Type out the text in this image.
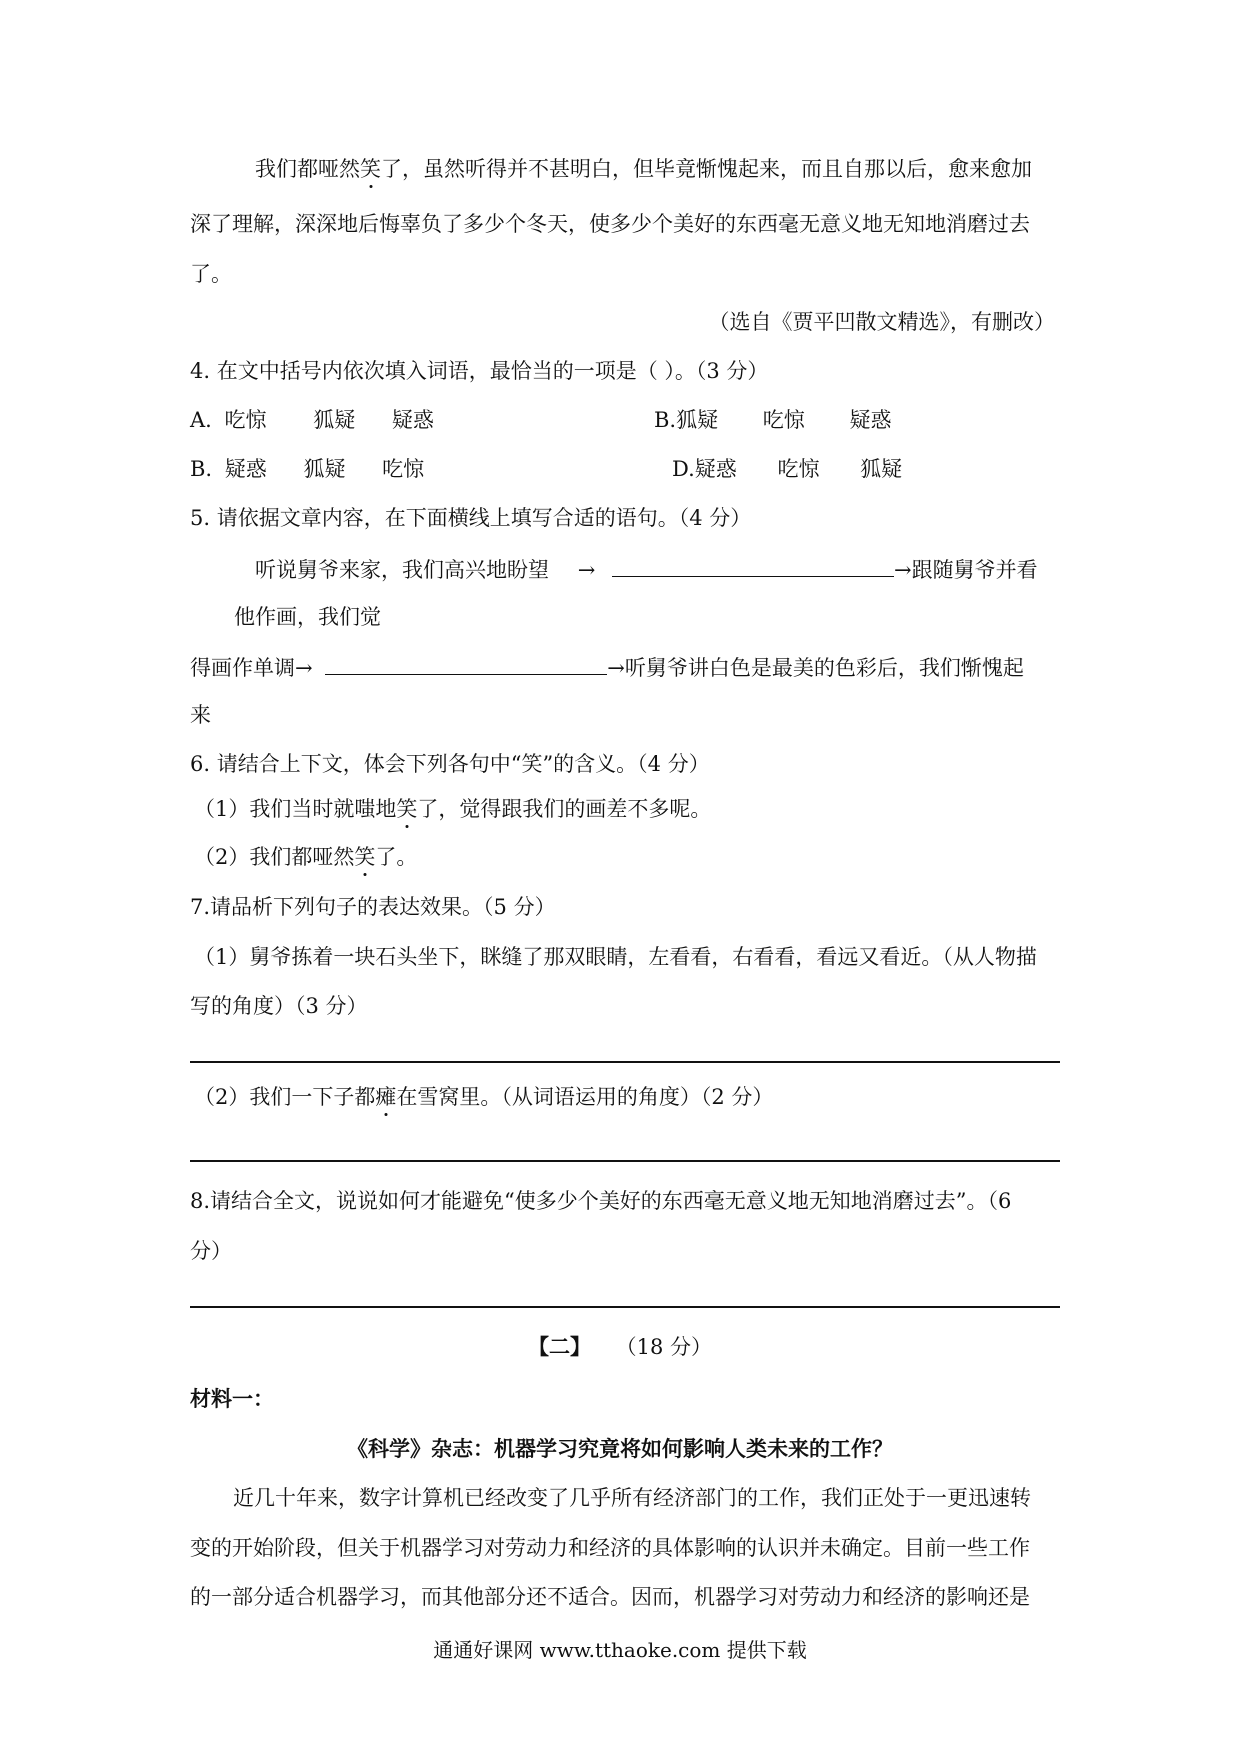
我们都哑然笑了，虽然听得并不甚明白，但毕竟惭愧起来，而且自那以后，愈来愈加
深了理解，深深地后悔辜负了多少个冬天，使多少个美好的东西毫无意义地无知地消磨过去
了。
（选自《贾平凹散文精选》，有删改）
4. 在文中括号内依次填入词语，最恰当的一项是（ ）。（3 分）
A. 吃惊 狐疑 疑惑	B.狐疑 吃惊 疑惑
B. 疑惑 狐疑 吃惊	D.疑惑 吃惊 狐疑
5. 请依据文章内容，在下面横线上填写合适的语句。（4 分）
听说舅爷来家，我们高兴地盼望 →	→跟随舅爷并看
他作画，我们觉
得画作单调→	→听舅爷讲白色是最美的色彩后，我们惭愧起
来
6. 请结合上下文，体会下列各句中“笑”的含义。（4 分）
（1）我们当时就嗤地笑了，觉得跟我们的画差不多呢。
（2）我们都哑然笑了。
7.请品析下列句子的表达效果。（5 分）
（1）舅爷拣着一块石头坐下，眯缝了那双眼睛，左看看，右看看，看远又看近。（从人物描
写的角度）（3 分）
（2）我们一下子都瘫在雪窝里。（从词语运用的角度）（2 分）
8.请结合全文，说说如何才能避免“使多少个美好的东西毫无意义地无知地消磨过去”。（6
分）
【二】 （18 分）
材料一：
《科学》杂志：机器学习究竟将如何影响人类未来的工作？
近几十年来，数字计算机已经改变了几乎所有经济部门的工作，我们正处于一更迅速转
变的开始阶段，但关于机器学习对劳动力和经济的具体影响的认识并未确定。目前一些工作
的一部分适合机器学习，而其他部分还不适合。因而，机器学习对劳动力和经济的影响还是
通通好课网 www.tthaoke.com 提供下载
